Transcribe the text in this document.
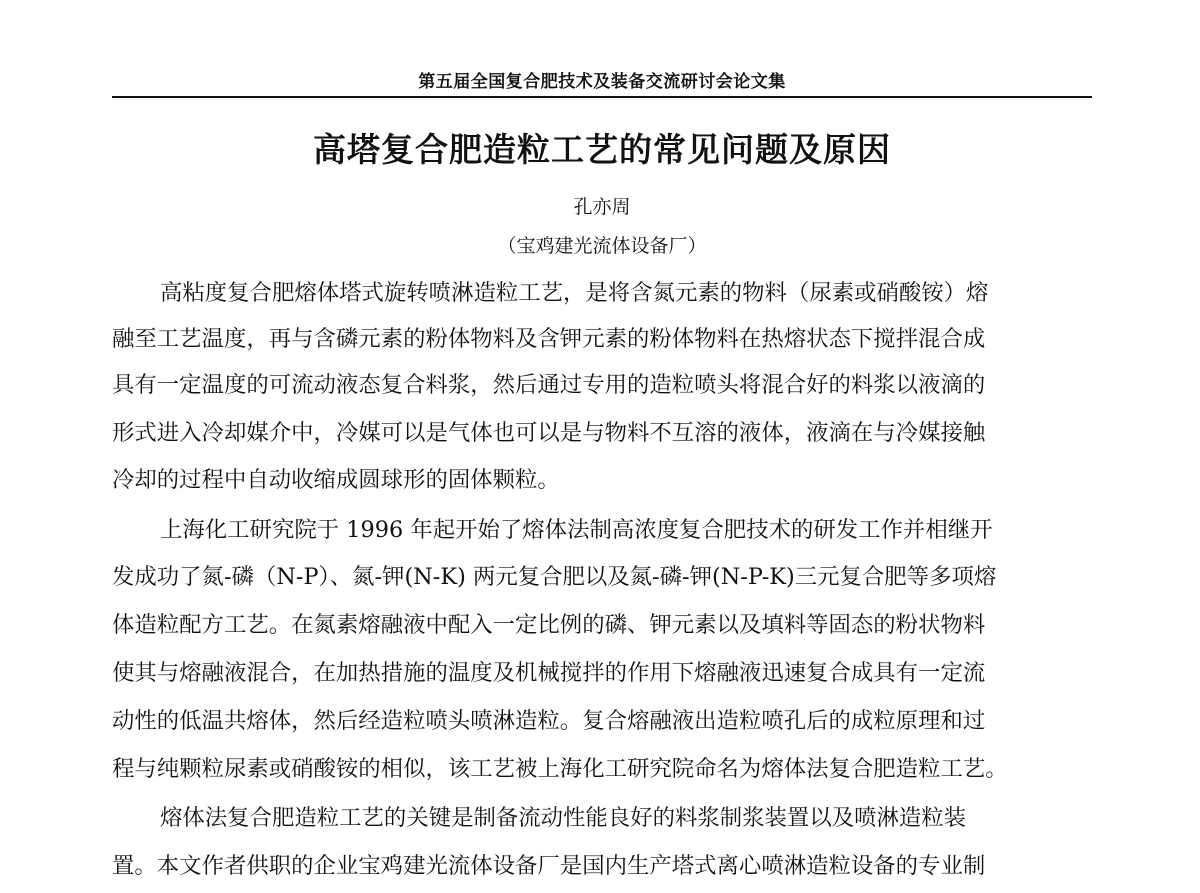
第五届全国复合肥技术及装备交流研讨会论文集
高塔复合肥造粒工艺的常见问题及原因
孔亦周
（宝鸡建光流体设备厂）
高粘度复合肥熔体塔式旋转喷淋造粒工艺，是将含氮元素的物料（尿素或硝酸铵）熔
融至工艺温度，再与含磷元素的粉体物料及含钾元素的粉体物料在热熔状态下搅拌混合成
具有一定温度的可流动液态复合料浆，然后通过专用的造粒喷头将混合好的料浆以液滴的
形式进入冷却媒介中，冷媒可以是气体也可以是与物料不互溶的液体，液滴在与冷媒接触
冷却的过程中自动收缩成圆球形的固体颗粒。
上海化工研究院于 1996 年起开始了熔体法制高浓度复合肥技术的研发工作并相继开
发成功了氮-磷（N-P）、氮-钾(N-K) 两元复合肥以及氮-磷-钾(N-P-K)三元复合肥等多项熔
体造粒配方工艺。在氮素熔融液中配入一定比例的磷、钾元素以及填料等固态的粉状物料
使其与熔融液混合，在加热措施的温度及机械搅拌的作用下熔融液迅速复合成具有一定流
动性的低温共熔体，然后经造粒喷头喷淋造粒。复合熔融液出造粒喷孔后的成粒原理和过
程与纯颗粒尿素或硝酸铵的相似，该工艺被上海化工研究院命名为熔体法复合肥造粒工艺。
熔体法复合肥造粒工艺的关键是制备流动性能良好的料浆制浆装置以及喷淋造粒装
置。本文作者供职的企业宝鸡建光流体设备厂是国内生产塔式离心喷淋造粒设备的专业制
